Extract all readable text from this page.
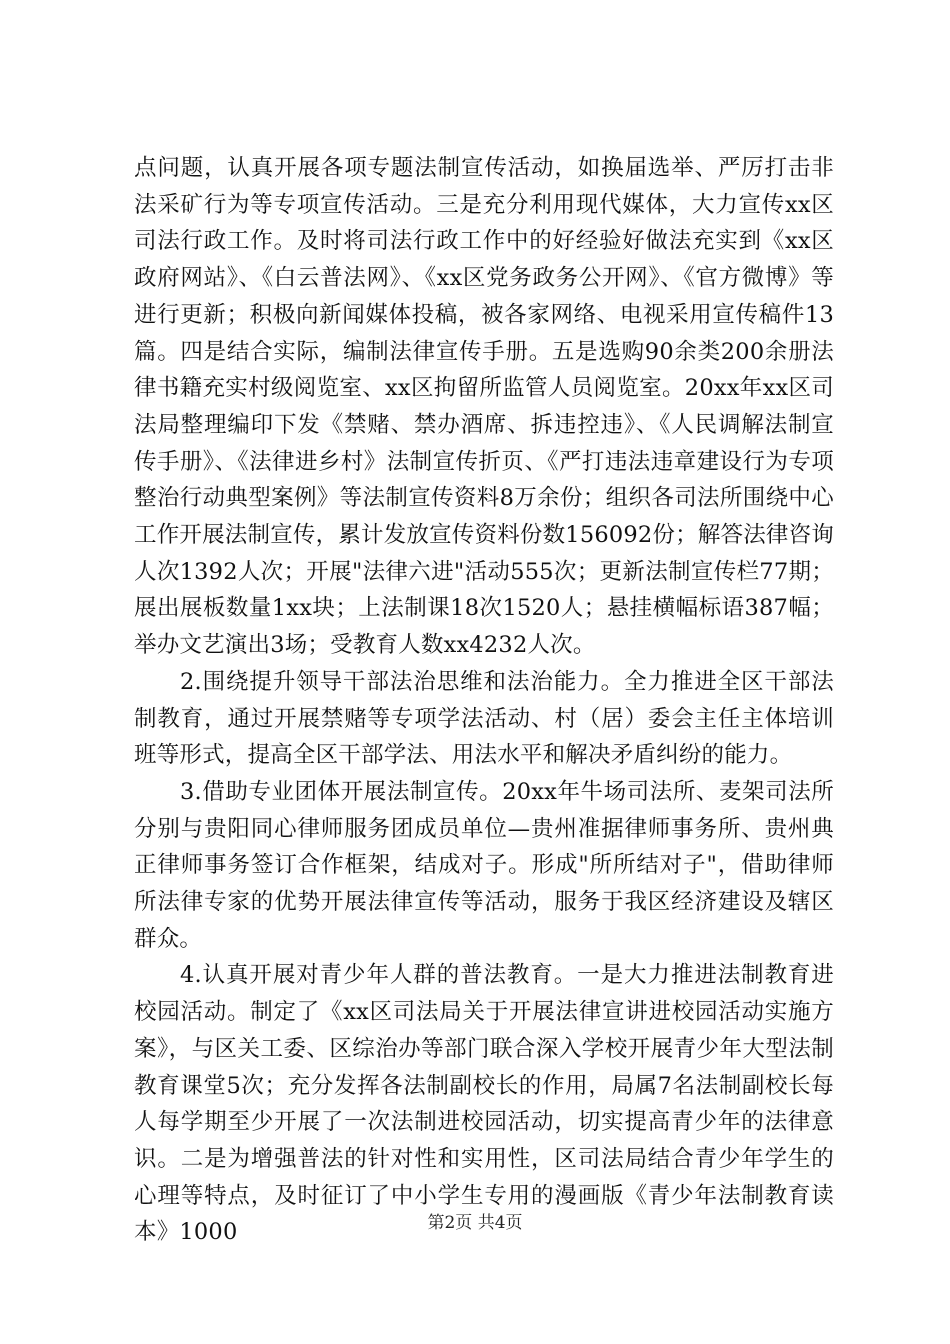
点问题，认真开展各项专题法制宣传活动，如换届选举、严厉打击非法采矿行为等专项宣传活动。三是充分利用现代媒体，大力宣传xx区司法行政工作。及时将司法行政工作中的好经验好做法充实到《xx区政府网站》、《白云普法网》、《xx区党务政务公开网》、《官方微博》等进行更新；积极向新闻媒体投稿，被各家网络、电视采用宣传稿件13篇。四是结合实际，编制法律宣传手册。五是选购90余类200余册法律书籍充实村级阅览室、xx区拘留所监管人员阅览室。20xx年xx区司法局整理编印下发《禁赌、禁办酒席、拆违控违》、《人民调解法制宣传手册》、《法律进乡村》法制宣传折页、《严打违法违章建设行为专项整治行动典型案例》等法制宣传资料8万余份；组织各司法所围绕中心工作开展法制宣传，累计发放宣传资料份数156092份；解答法律咨询人次1392人次；开展"法律六进"活动555次；更新法制宣传栏77期；展出展板数量1xx块；上法制课18次1520人；悬挂横幅标语387幅；举办文艺演出3场；受教育人数xx4232人次。

2.围绕提升领导干部法治思维和法治能力。全力推进全区干部法制教育，通过开展禁赌等专项学法活动、村（居）委会主任主体培训班等形式，提高全区干部学法、用法水平和解决矛盾纠纷的能力。

3.借助专业团体开展法制宣传。20xx年牛场司法所、麦架司法所分别与贵阳同心律师服务团成员单位—贵州准据律师事务所、贵州典正律师事务签订合作框架，结成对子。形成"所所结对子"，借助律师所法律专家的优势开展法律宣传等活动，服务于我区经济建设及辖区群众。

4.认真开展对青少年人群的普法教育。一是大力推进法制教育进校园活动。制定了《xx区司法局关于开展法律宣讲进校园活动实施方案》，与区关工委、区综治办等部门联合深入学校开展青少年大型法制教育课堂5次；充分发挥各法制副校长的作用，局属7名法制副校长每人每学期至少开展了一次法制进校园活动，切实提高青少年的法律意识。二是为增强普法的针对性和实用性，区司法局结合青少年学生的心理等特点，及时征订了中小学生专用的漫画版《青少年法制教育读本》1000	第2页 共4页
